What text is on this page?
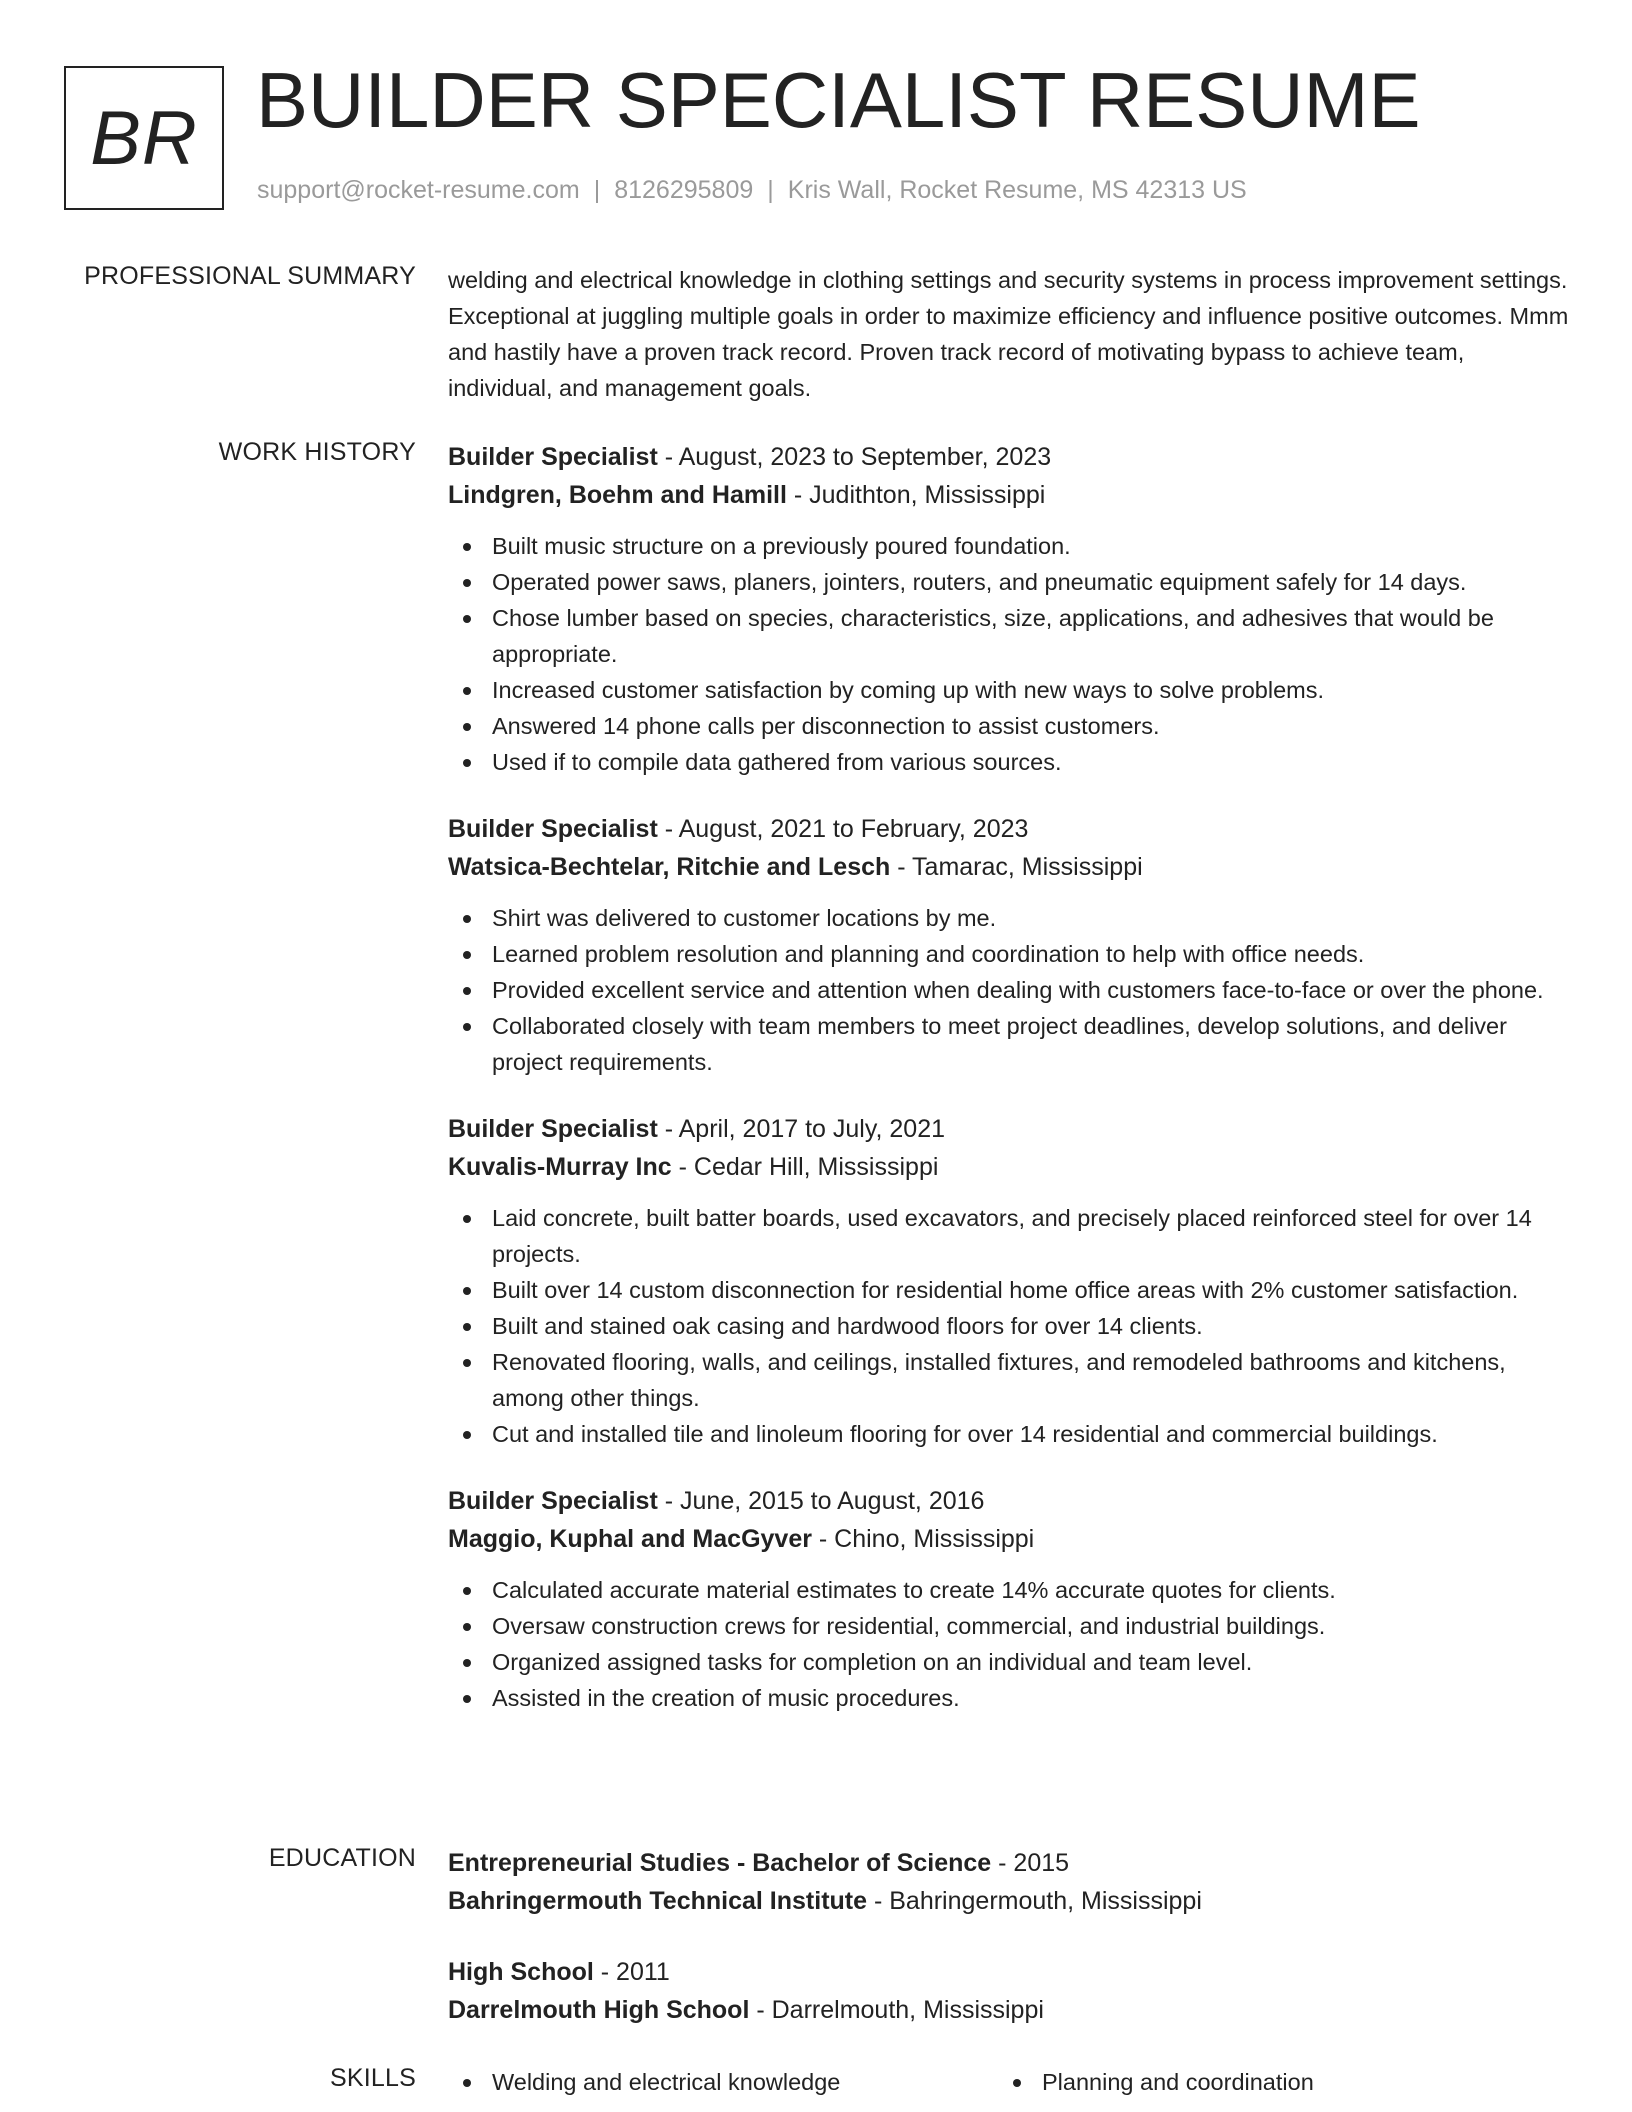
BR BUILDER SPECIALIST RESUME
support@rocket-resume.com | 8126295809 | Kris Wall, Rocket Resume, MS 42313 US
PROFESSIONAL SUMMARY welding and electrical knowledge in clothing settings and security systems in process improvement settings. Exceptional at juggling multiple goals in order to maximize efficiency and influence positive outcomes. Mmm and hastily have a proven track record. Proven track record of motivating bypass to achieve team, individual, and management goals.

WORK HISTORY Builder Specialist - August, 2023 to September, 2023
Lindgren, Boehm and Hamill - Judithton, Mississippi
Built music structure on a previously poured foundation.
Operated power saws, planers, jointers, routers, and pneumatic equipment safely for 14 days.
Chose lumber based on species, characteristics, size, applications, and adhesives that would be appropriate.
Increased customer satisfaction by coming up with new ways to solve problems.
Answered 14 phone calls per disconnection to assist customers.
Used if to compile data gathered from various sources.
Builder Specialist - August, 2021 to February, 2023
Watsica-Bechtelar, Ritchie and Lesch - Tamarac, Mississippi
Shirt was delivered to customer locations by me.
Learned problem resolution and planning and coordination to help with office needs.
Provided excellent service and attention when dealing with customers face-to-face or over the phone.
Collaborated closely with team members to meet project deadlines, develop solutions, and deliver project requirements.
Builder Specialist - April, 2017 to July, 2021
Kuvalis-Murray Inc - Cedar Hill, Mississippi
Laid concrete, built batter boards, used excavators, and precisely placed reinforced steel for over 14 projects.
Built over 14 custom disconnection for residential home office areas with 2% customer satisfaction.
Built and stained oak casing and hardwood floors for over 14 clients.
Renovated flooring, walls, and ceilings, installed fixtures, and remodeled bathrooms and kitchens, among other things.
Cut and installed tile and linoleum flooring for over 14 residential and commercial buildings.
Builder Specialist - June, 2015 to August, 2016
Maggio, Kuphal and MacGyver - Chino, Mississippi
Calculated accurate material estimates to create 14% accurate quotes for clients.
Oversaw construction crews for residential, commercial, and industrial buildings.
Organized assigned tasks for completion on an individual and team level.
Assisted in the creation of music procedures.
EDUCATION Entrepreneurial Studies - Bachelor of Science - 2015
Bahringermouth Technical Institute - Bahringermouth, Mississippi
High School - 2011
Darrelmouth High School - Darrelmouth, Mississippi
SKILLS	Welding and electrical knowledge	Planning and coordination
